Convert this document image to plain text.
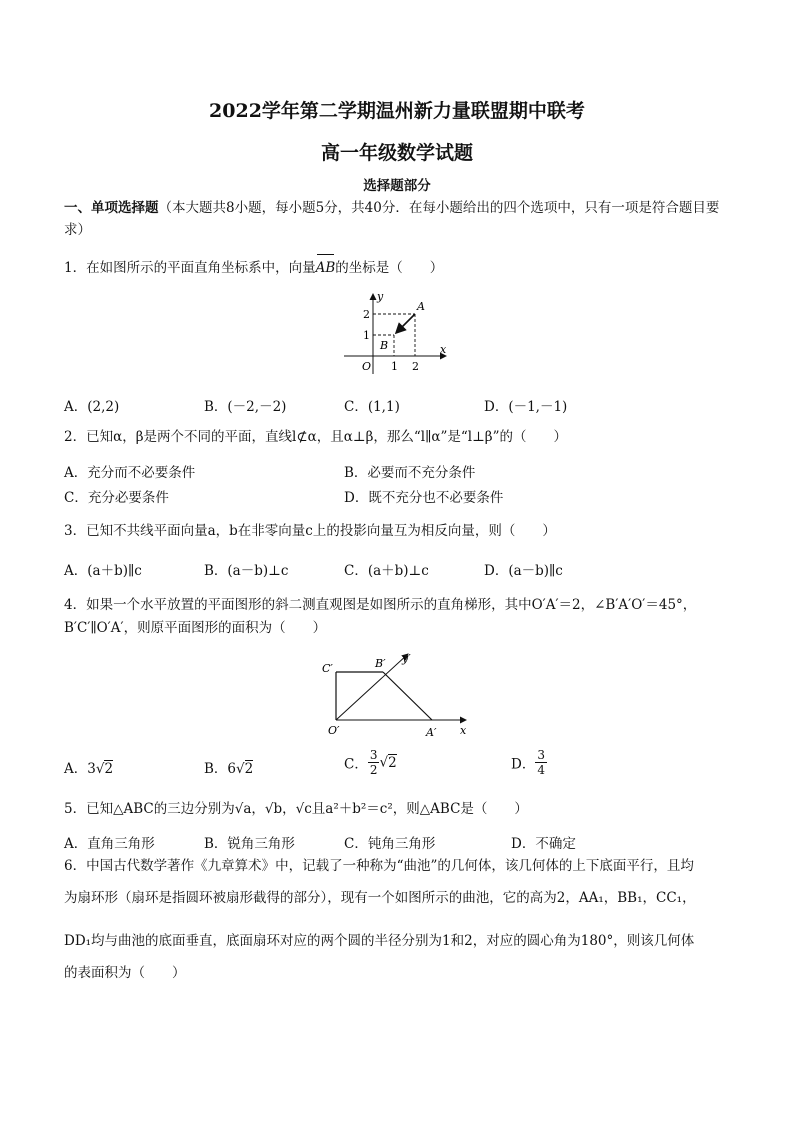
2022学年第二学期温州新力量联盟期中联考
高一年级数学试题
选择题部分
一、单项选择题（本大题共8小题，每小题5分，共40分．在每小题给出的四个选项中，只有一项是符合题目要求）
1．在如图所示的平面直角坐标系中，向量AB的坐标是（　　）
x
y
O
A
B
1 2
1
2
A．(2,2)	B．(－2,－2)	C．(1,1)	D．(－1,－1)
2．已知α，β是两个不同的平面，直线l⊄α，且α⊥β，那么“l∥α”是“l⊥β”的（　　）
A．充分而不必要条件	B．必要而不充分条件
C．充分必要条件	D．既不充分也不必要条件
3．已知不共线平面向量a，b在非零向量c上的投影向量互为相反向量，则（　　）
A．(a＋b)∥c	B．(a－b)⊥c	C．(a＋b)⊥c	D．(a－b)∥c
4．如果一个水平放置的平面图形的斜二测直观图是如图所示的直角梯形，其中O′A′＝2，∠B′A′O′＝45°，
B′C′∥O′A′，则原平面图形的面积为（　　）
C′	B′
O′	A′ x
y′
A．3√2	B．6√2	C． $\frac{3}{2} √2$	D． $\frac{3}{4}$
5．已知△ABC的三边分别为√a，√b，√c且a²＋b²＝c²，则△ABC是（　　）
A．直角三角形	B．锐角三角形	C．钝角三角形	D．不确定
6．中国古代数学著作《九章算术》中，记载了一种称为“曲池”的几何体，该几何体的上下底面平行，且均
为扇环形（扇环是指圆环被扇形截得的部分），现有一个如图所示的曲池，它的高为2，AA₁，BB₁，CC₁，
DD₁均与曲池的底面垂直，底面扇环对应的两个圆的半径分别为1和2，对应的圆心角为180°，则该几何体
的表面积为（　　）
